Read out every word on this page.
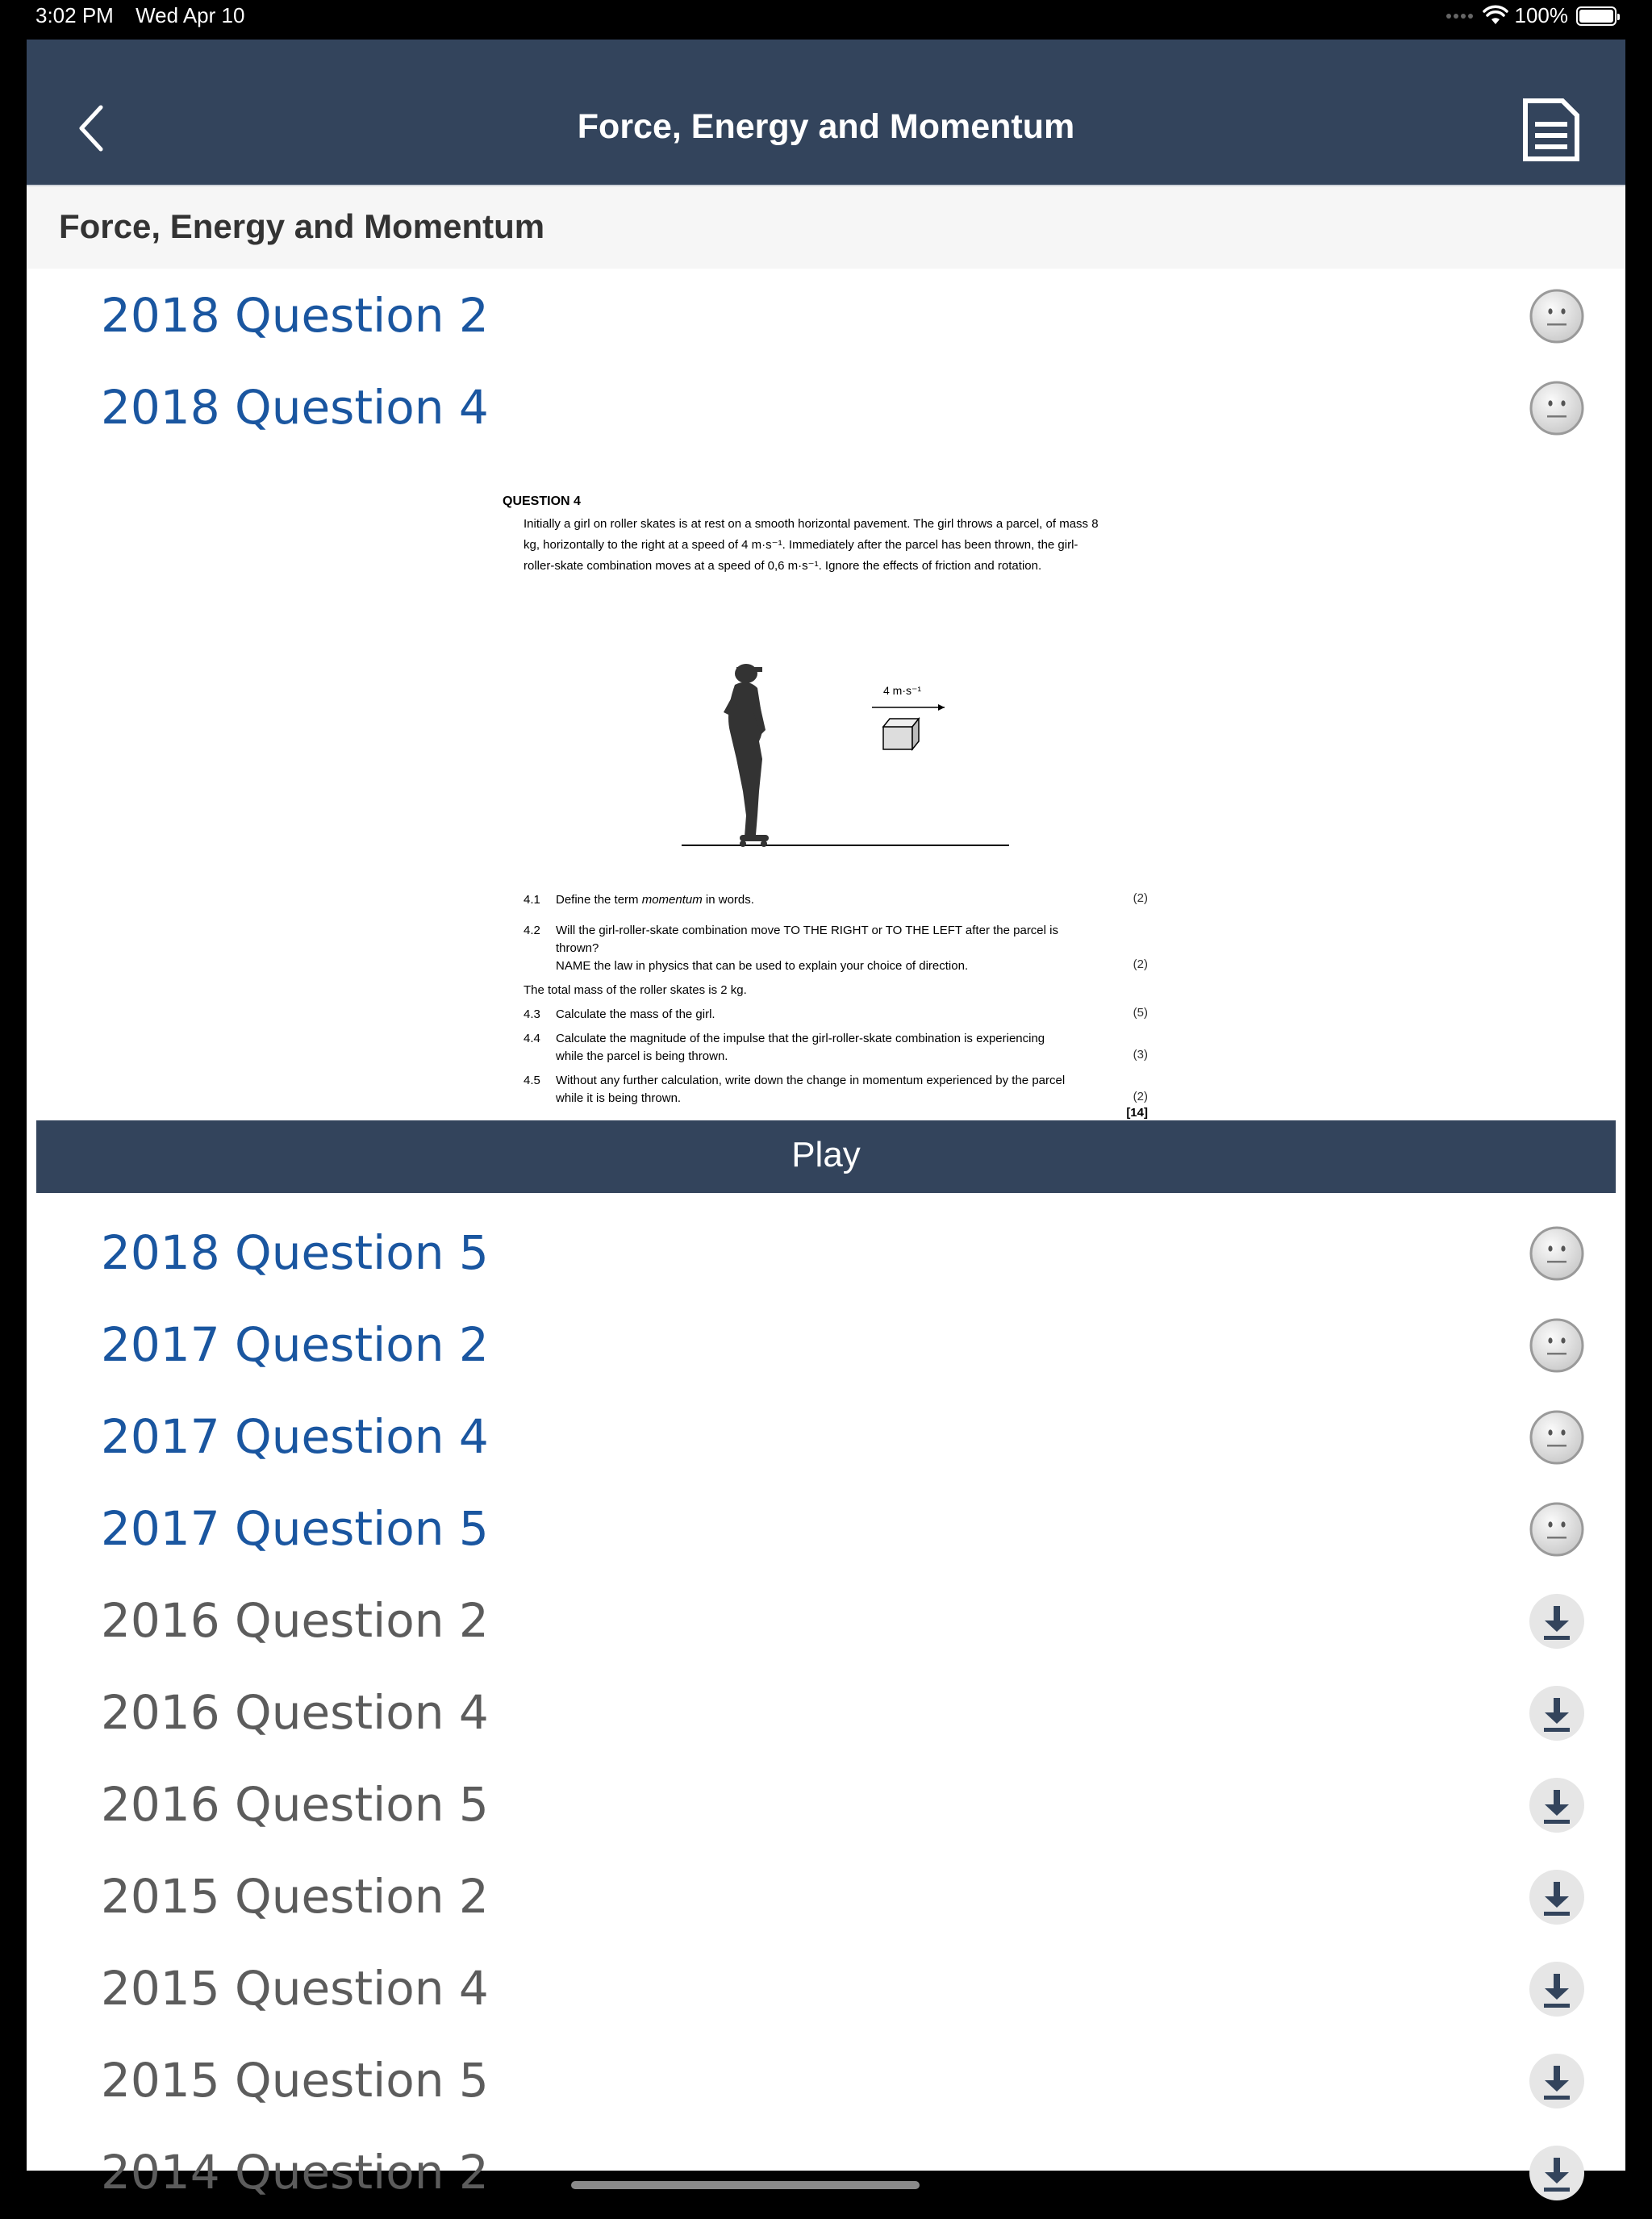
3:02 PM Wed Apr 10	100%
Force, Energy and Momentum
Force, Energy and Momentum
2018 Question 2
2018 Question 4
QUESTION 4
Initially a girl on roller skates is at rest on a smooth horizontal pavement. The girl throws a parcel, of mass 8 kg, horizontally to the right at a speed of 4 m·s⁻¹. Immediately after the parcel has been thrown, the girl-roller-skate combination moves at a speed of 0,6 m·s⁻¹. Ignore the effects of friction and rotation.
4 m·s⁻¹
4.1	Define the term momentum in words.	(2)
4.2	Will the girl-roller-skate combination move TO THE RIGHT or TO THE LEFT after the parcel is thrown?
NAME the law in physics that can be used to explain your choice of direction.	(2)
The total mass of the roller skates is 2 kg.
4.3	Calculate the mass of the girl.	(5)
4.4	Calculate the magnitude of the impulse that the girl-roller-skate combination is experiencing while the parcel is being thrown.	(3)
4.5	Without any further calculation, write down the change in momentum experienced by the parcel while it is being thrown.	(2)
[14]
Play
2018 Question 5
2017 Question 2
2017 Question 4
2017 Question 5
2016 Question 2
2016 Question 4
2016 Question 5
2015 Question 2
2015 Question 4
2015 Question 5
2014 Question 2
